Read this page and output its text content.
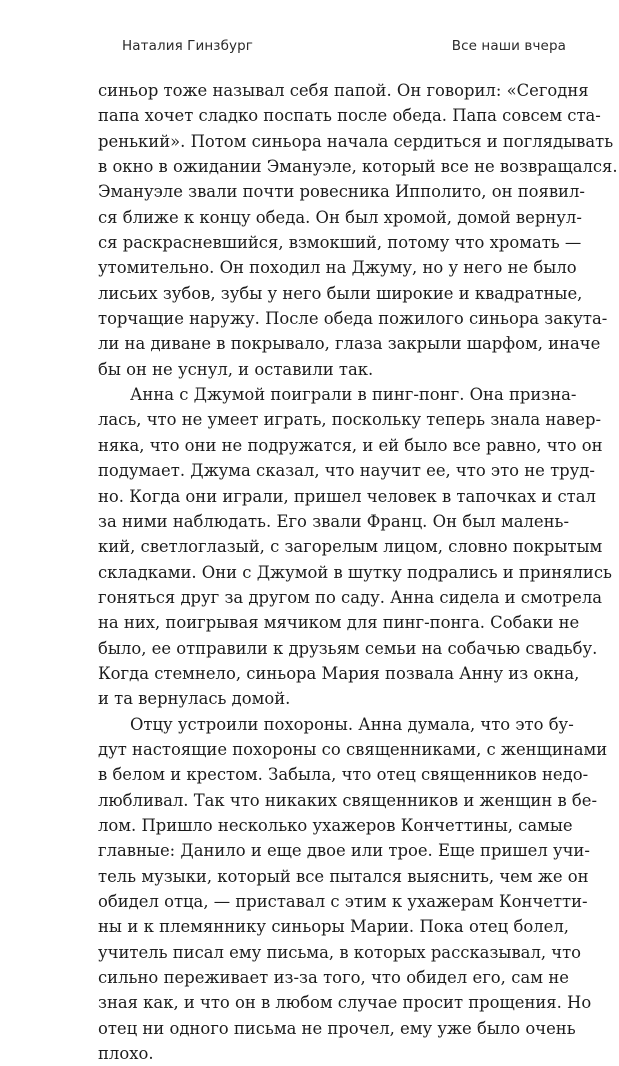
Наталия Гинзбург	Все наши вчера
синьор тоже называл себя папой. Он говорил: «Сегодня
папа хочет сладко поспать после обеда. Папа совсем ста-
ренький». Потом синьора начала сердиться и поглядывать
в окно в ожидании Эмануэле, который все не возвращался.
Эмануэле звали почти ровесника Ипполито, он появил-
ся ближе к концу обеда. Он был хромой, домой вернул-
ся раскрасневшийся, взмокший, потому что хромать —
утомительно. Он походил на Джуму, но у него не было
лисьих зубов, зубы у него были широкие и квадратные,
торчащие наружу. После обеда пожилого синьора закута-
ли на диване в покрывало, глаза закрыли шарфом, иначе
бы он не уснул, и оставили так.
Анна с Джумой поиграли в пинг-понг. Она призна-
лась, что не умеет играть, поскольку теперь знала навер-
няка, что они не подружатся, и ей было все равно, что он
подумает. Джума сказал, что научит ее, что это не труд-
но. Когда они играли, пришел человек в тапочках и стал
за ними наблюдать. Его звали Франц. Он был малень-
кий, светлоглазый, с загорелым лицом, словно покрытым
складками. Они с Джумой в шутку подрались и принялись
гоняться друг за другом по саду. Анна сидела и смотрела
на них, поигрывая мячиком для пинг-понга. Собаки не
было, ее отправили к друзьям семьи на собачью свадьбу.
Когда стемнело, синьора Мария позвала Анну из окна,
и та вернулась домой.
Отцу устроили похороны. Анна думала, что это бу-
дут настоящие похороны со священниками, с женщинами
в белом и крестом. Забыла, что отец священников недо-
любливал. Так что никаких священников и женщин в бе-
лом. Пришло несколько ухажеров Кончеттины, самые
главные: Данило и еще двое или трое. Еще пришел учи-
тель музыки, который все пытался выяснить, чем же он
обидел отца, — приставал с этим к ухажерам Кончетти-
ны и к племяннику синьоры Марии. Пока отец болел,
учитель писал ему письма, в которых рассказывал, что
сильно переживает из-за того, что обидел его, сам не
зная как, и что он в любом случае просит прощения. Но
отец ни одного письма не прочел, ему уже было очень
плохо.
